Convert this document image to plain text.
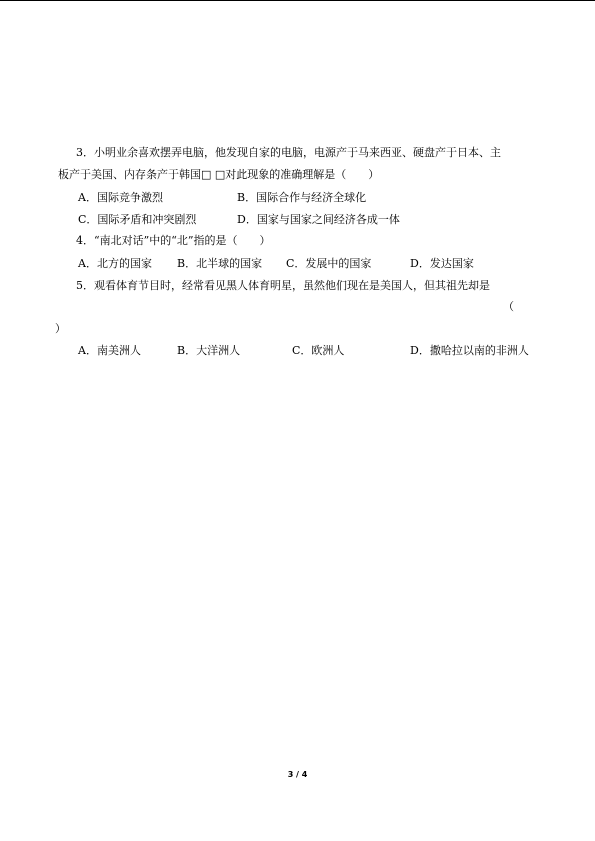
3．小明业余喜欢摆弄电脑，他发现自家的电脑，电源产于马来西亚、硬盘产于日本、主
板产于美国、内存条产于韩国□ □对此现象的准确理解是（　　）
A．国际竞争激烈	B．国际合作与经济全球化
C．国际矛盾和冲突剧烈	D．国家与国家之间经济各成一体
4．“南北对话”中的“北”指的是（　　）
A．北方的国家 B．北半球的国家 C．发展中的国家	D．发达国家
5．观看体育节目时，经常看见黑人体育明星，虽然他们现在是美国人，但其祖先却是
（
）
A．南美洲人	B．大洋洲人	C．欧洲人	D．撒哈拉以南的非洲人
3 / 4
